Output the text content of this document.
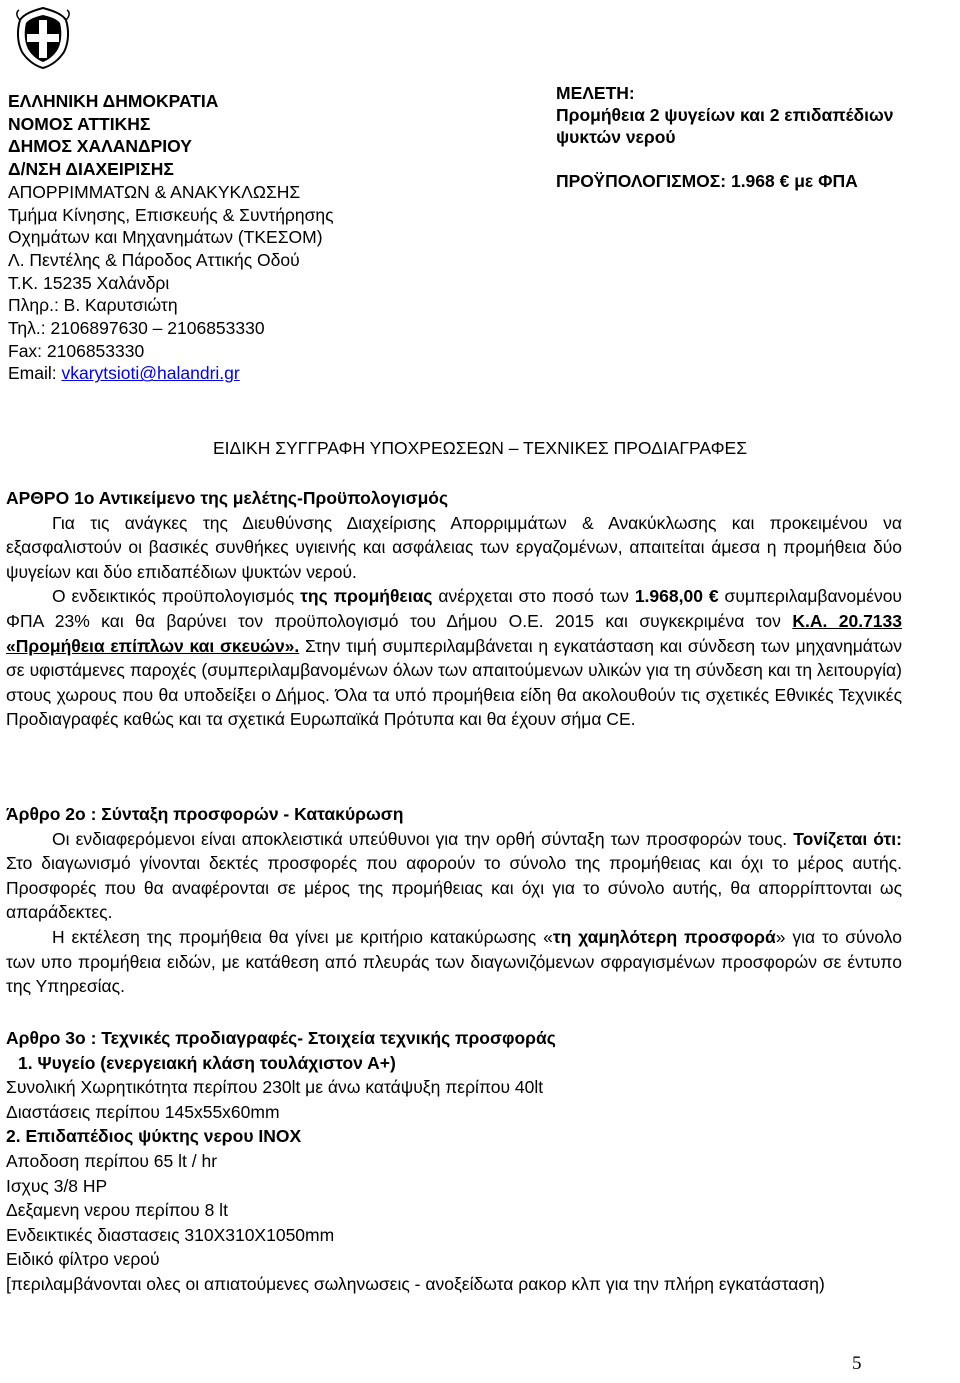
ΕΛΛΗΝΙΚΗ ΔΗΜΟΚΡΑΤΙΑ
ΝΟΜΟΣ ΑΤΤΙΚΗΣ
ΔΗΜΟΣ ΧΑΛΑΝΔΡΙΟΥ
Δ/ΝΣΗ ΔΙΑΧΕΙΡΙΣΗΣ
ΑΠΟΡΡΙΜΜΑΤΩΝ & ΑΝΑΚΥΚΛΩΣΗΣ
Τμήμα Κίνησης, Επισκευής & Συντήρησης
Οχημάτων και Μηχανημάτων (ΤΚΕΣΟΜ)
Λ. Πεντέλης & Πάροδος Αττικής Οδού
Τ.Κ. 15235 Χαλάνδρι
Πληρ.: Β. Καρυτσιώτη
Τηλ.: 2106897630 – 2106853330
Fax: 2106853330
Email: vkarytsioti@halandri.gr
ΜΕΛΕΤΗ:
Προμήθεια 2 ψυγείων και 2 επιδαπέδιων ψυκτών νερού
ΠΡΟΫΠΟΛΟΓΙΣΜΟΣ: 1.968 € με ΦΠΑ
ΕΙΔΙΚΗ ΣΥΓΓΡΑΦΗ ΥΠΟΧΡΕΩΣΕΩΝ – ΤΕΧΝΙΚΕΣ ΠΡΟΔΙΑΓΡΑΦΕΣ

ΑΡΘΡΟ 1ο Αντικείμενο της μελέτης-Προϋπολογισμός

Για τις ανάγκες της Διευθύνσης Διαχείρισης Απορριμμάτων & Ανακύκλωσης και προκειμένου να εξασφαλιστούν οι βασικές συνθήκες υγιεινής και ασφάλειας των εργαζομένων, απαιτείται άμεσα η προμήθεια δύο ψυγείων και δύο επιδαπέδιων ψυκτών νερού.

Ο ενδεικτικός προϋπολογισμός της προμήθειας ανέρχεται στο ποσό των 1.968,00 € συμπεριλαμβανομένου ΦΠΑ 23% και θα βαρύνει τον προϋπολογισμό του Δήμου Ο.Ε. 2015 και συγκεκριμένα τον Κ.Α. 20.7133 «Προμήθεια επίπλων και σκευών». Στην τιμή συμπεριλαμβάνεται η εγκατάσταση και σύνδεση των μηχανημάτων σε υφιστάμενες παροχές (συμπεριλαμβανομένων όλων των απαιτούμενων υλικών για τη σύνδεση και τη λειτουργία) στους χωρους που θα υποδείξει ο Δήμος. Όλα τα υπό προμήθεια είδη θα ακολουθούν τις σχετικές Εθνικές Τεχνικές Προδιαγραφές καθώς και τα σχετικά Ευρωπαϊκά Πρότυπα και θα έχουν σήμα CE.

Άρθρο 2ο : Σύνταξη προσφορών - Κατακύρωση

Οι ενδιαφερόμενοι είναι αποκλειστικά υπεύθυνοι για την ορθή σύνταξη των προσφορών τους. Τονίζεται ότι: Στο διαγωνισμό γίνονται δεκτές προσφορές που αφορούν το σύνολο της προμήθειας και όχι το μέρος αυτής. Προσφορές που θα αναφέρονται σε μέρος της προμήθειας και όχι για το σύνολο αυτής, θα απορρίπτονται ως απαράδεκτες.

Η εκτέλεση της προμήθεια θα γίνει με κριτήριο κατακύρωσης «τη χαμηλότερη προσφορά» για το σύνολο των υπο προμήθεια ειδών, με κατάθεση από πλευράς των διαγωνιζόμενων σφραγισμένων προσφορών σε έντυπο της Υπηρεσίας.

Αρθρο 3ο : Τεχνικές προδιαγραφές- Στοιχεία τεχνικής προσφοράς
1. Ψυγείο (ενεργειακή κλάση τουλάχιστον Α+)
Συνολική Χωρητικότητα περίπου 230lt με άνω κατάψυξη περίπου 40lt
Διαστάσεις περίπου 145x55x60mm
2. Επιδαπέδιος ψύκτης νερου INOX
Αποδοση περίπου 65 lt / hr
Ισχυς 3/8 HP
Δεξαμενη νερου περίπου 8 lt
Ενδεικτικές διαστασεις 310Χ310Χ1050mm
Ειδικό φίλτρο νερού
[περιλαμβάνονται ολες οι απιατούμενες σωληνωσεις - ανοξείδωτα ρακορ κλπ για την πλήρη εγκατάσταση)
5
